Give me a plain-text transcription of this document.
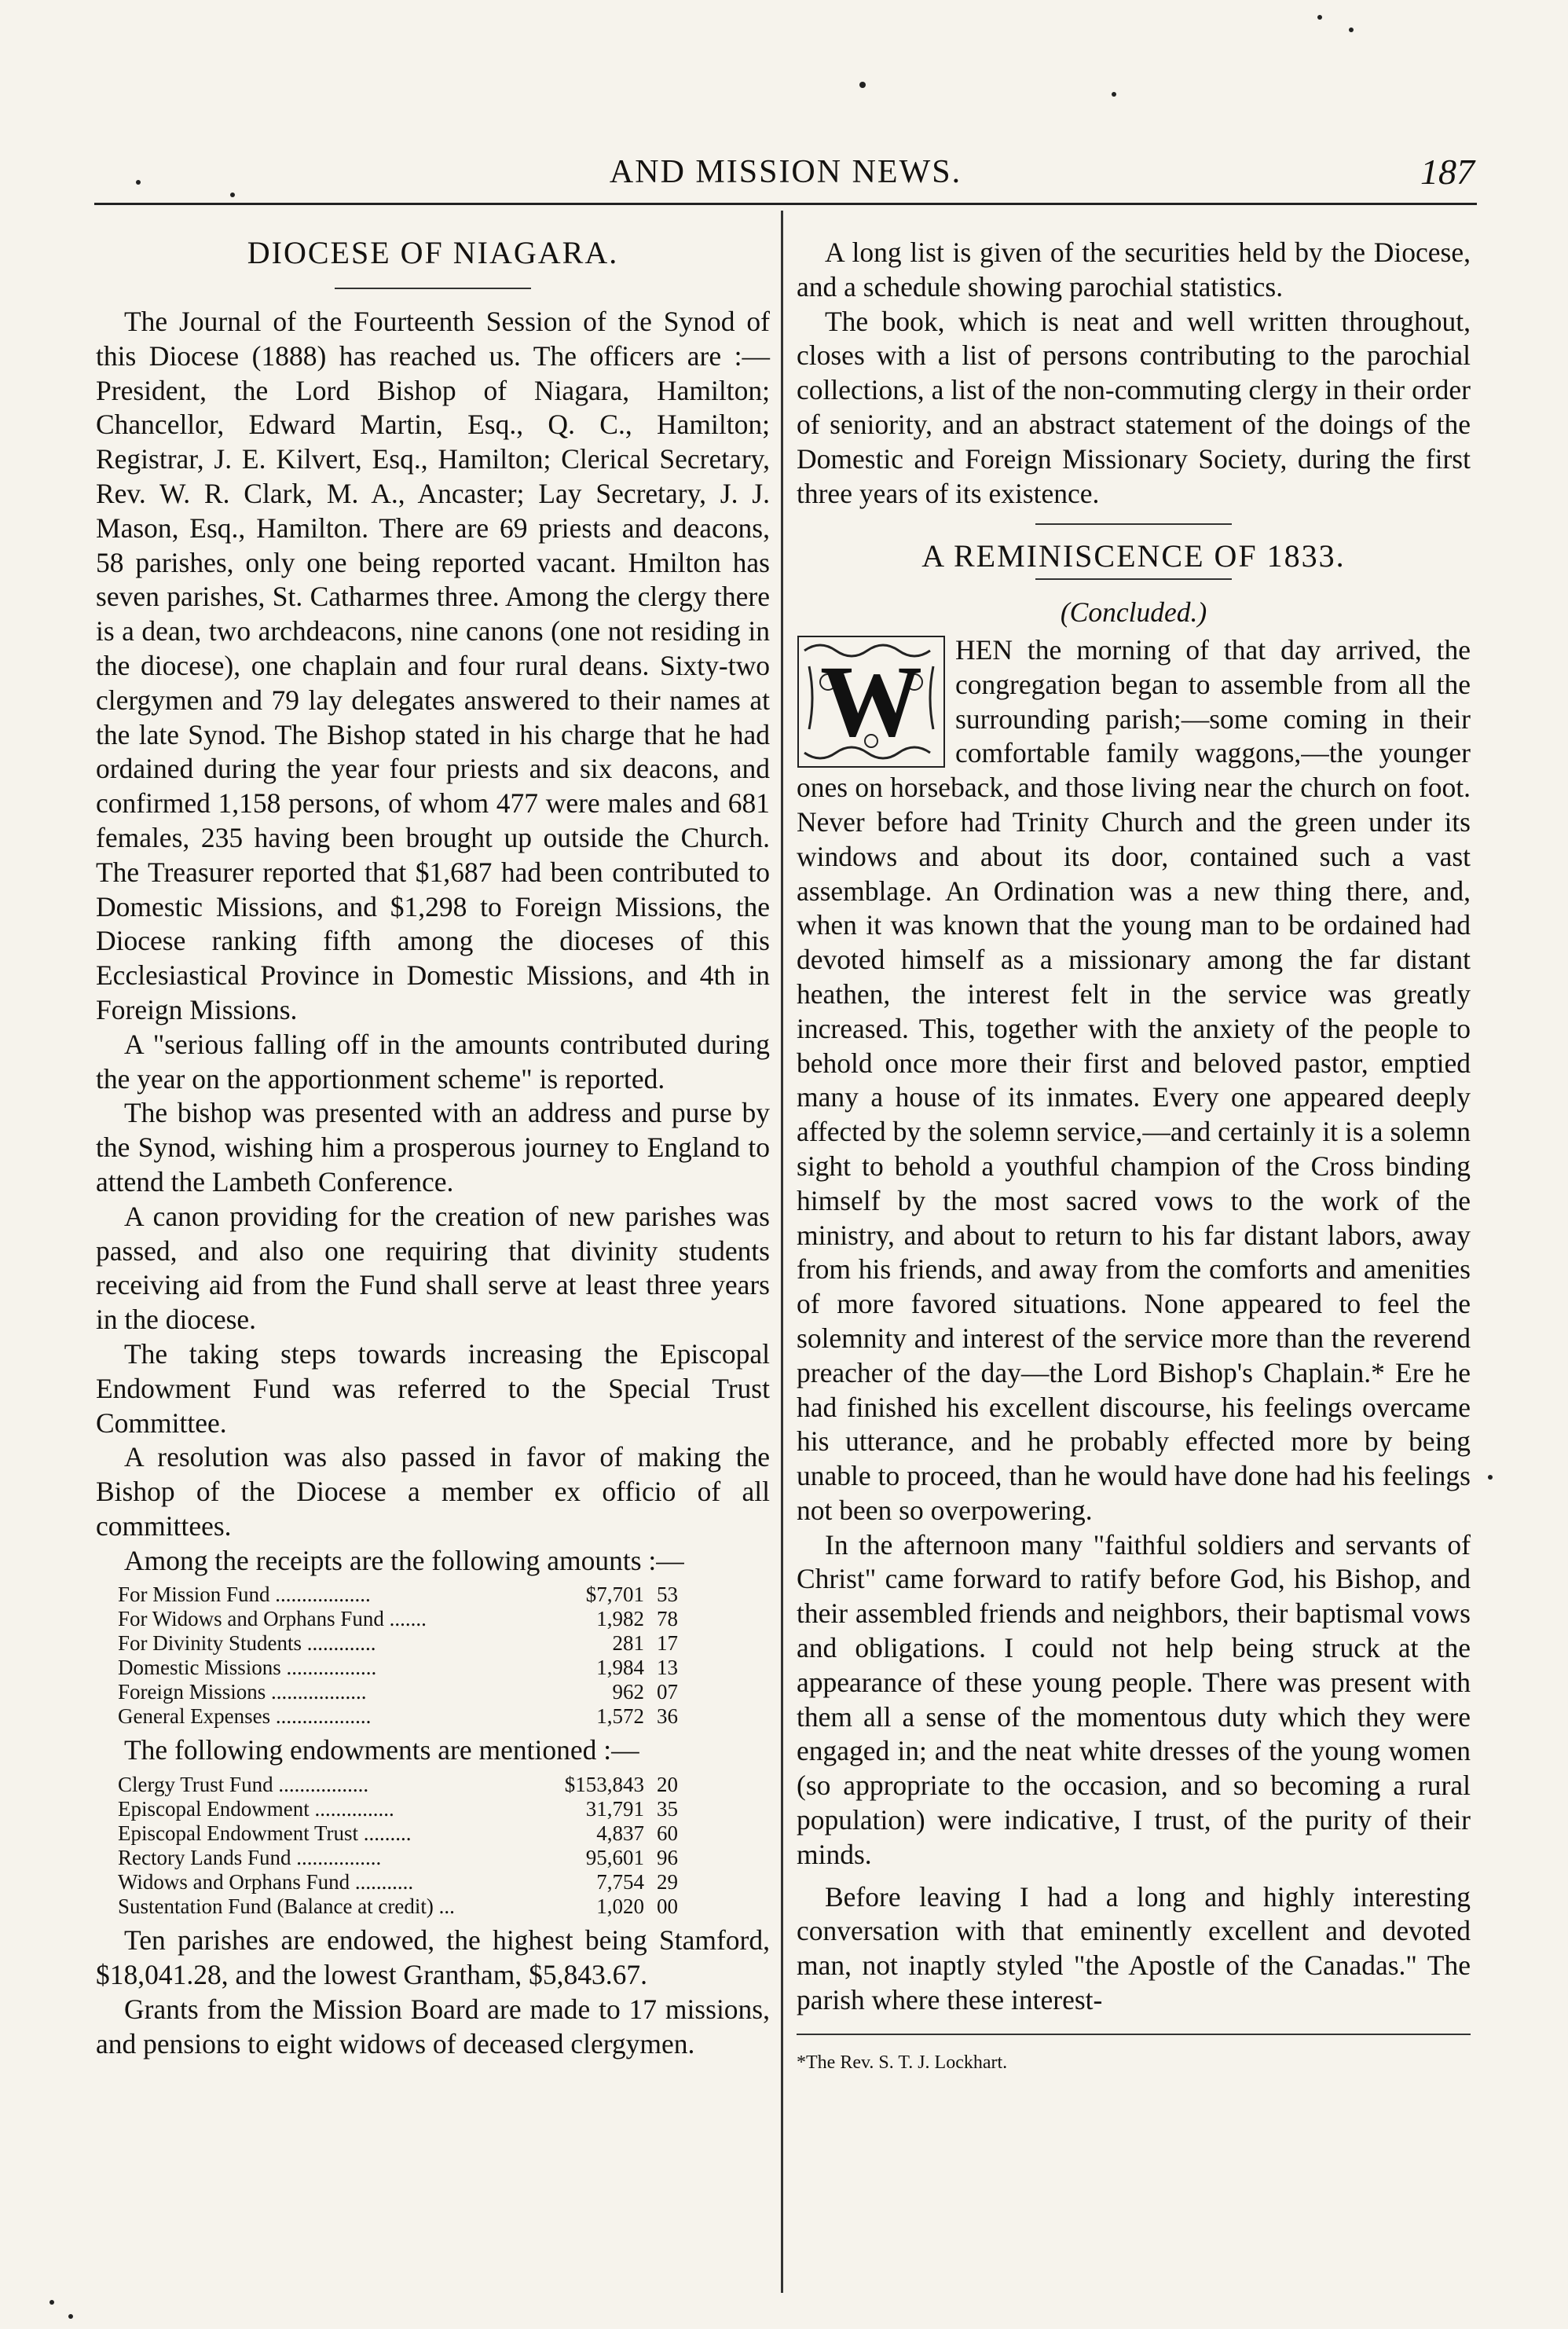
AND MISSION NEWS.	187
DIOCESE OF NIAGARA.

The Journal of the Fourteenth Session of the Synod of this Diocese (1888) has reached us. The officers are :—President, the Lord Bishop of Niagara, Hamilton; Chancellor, Edward Martin, Esq., Q. C., Hamilton; Registrar, J. E. Kilvert, Esq., Hamilton; Clerical Secretary, Rev. W. R. Clark, M. A., Ancaster; Lay Secretary, J. J. Mason, Esq., Hamilton. There are 69 priests and deacons, 58 parishes, only one being reported vacant. Hmilton has seven parishes, St. Catharmes three. Among the clergy there is a dean, two archdeacons, nine canons (one not residing in the diocese), one chaplain and four rural deans. Sixty-two clergymen and 79 lay delegates answered to their names at the late Synod. The Bishop stated in his charge that he had ordained during the year four priests and six deacons, and confirmed 1,158 persons, of whom 477 were males and 681 females, 235 having been brought up outside the Church. The Treasurer reported that $1,687 had been contributed to Domestic Missions, and $1,298 to Foreign Missions, the Diocese ranking fifth among the dioceses of this Ecclesiastical Province in Domestic Missions, and 4th in Foreign Missions.

A "serious falling off in the amounts contributed during the year on the apportionment scheme" is reported.

The bishop was presented with an address and purse by the Synod, wishing him a prosperous journey to England to attend the Lambeth Conference.

A canon providing for the creation of new parishes was passed, and also one requiring that divinity students receiving aid from the Fund shall serve at least three years in the diocese.

The taking steps towards increasing the Episcopal Endowment Fund was referred to the Special Trust Committee.

A resolution was also passed in favor of making the Bishop of the Diocese a member ex officio of all committees.

Among the receipts are the following amounts :—

For Mission Fund ..................	$7,701	53
For Widows and Orphans Fund .......	1,982	78
For Divinity Students .............	281	17
Domestic Missions .................	1,984	13
Foreign Missions ..................	962	07
General Expenses ..................	1,572	36

The following endowments are mentioned :—

Clergy Trust Fund .................	$153,843	20
Episcopal Endowment ...............	31,791	35
Episcopal Endowment Trust .........	4,837	60
Rectory Lands Fund ................	95,601	96
Widows and Orphans Fund ...........	7,754	29
Sustentation Fund (Balance at credit) ...	1,020	00

Ten parishes are endowed, the highest being Stamford, $18,041.28, and the lowest Grantham, $5,843.67.

Grants from the Mission Board are made to 17 missions, and pensions to eight widows of deceased clergymen.

A long list is given of the securities held by the Diocese, and a schedule showing parochial statistics.

The book, which is neat and well written throughout, closes with a list of persons contributing to the parochial collections, a list of the non-commuting clergy in their order of seniority, and an abstract statement of the doings of the Domestic and Foreign Missionary Society, during the first three years of its existence.

A REMINISCENCE OF 1833.

(Concluded.)

W HEN the morning of that day arrived, the congregation began to assemble from all the surrounding parish;—some coming in their comfortable family waggons,—the younger ones on horseback, and those living near the church on foot. Never before had Trinity Church and the green under its windows and about its door, contained such a vast assemblage. An Ordination was a new thing there, and, when it was known that the young man to be ordained had devoted himself as a missionary among the far distant heathen, the interest felt in the service was greatly increased. This, together with the anxiety of the people to behold once more their first and beloved pastor, emptied many a house of its inmates. Every one appeared deeply affected by the solemn service,—and certainly it is a solemn sight to behold a youthful champion of the Cross binding himself by the most sacred vows to the work of the ministry, and about to return to his far distant labors, away from his friends, and away from the comforts and amenities of more favored situations. None appeared to feel the solemnity and interest of the service more than the reverend preacher of the day—the Lord Bishop's Chaplain.* Ere he had finished his excellent discourse, his feelings overcame his utterance, and he probably effected more by being unable to proceed, than he would have done had his feelings not been so overpowering.

In the afternoon many "faithful soldiers and servants of Christ" came forward to ratify before God, his Bishop, and their assembled friends and neighbors, their baptismal vows and obligations. I could not help being struck at the appearance of these young people. There was present with them all a sense of the momentous duty which they were engaged in; and the neat white dresses of the young women (so appropriate to the occasion, and so becoming a rural population) were indicative, I trust, of the purity of their minds.

Before leaving I had a long and highly interesting conversation with that eminently excellent and devoted man, not inaptly styled "the Apostle of the Canadas." The parish where these interest-

*The Rev. S. T. J. Lockhart.
